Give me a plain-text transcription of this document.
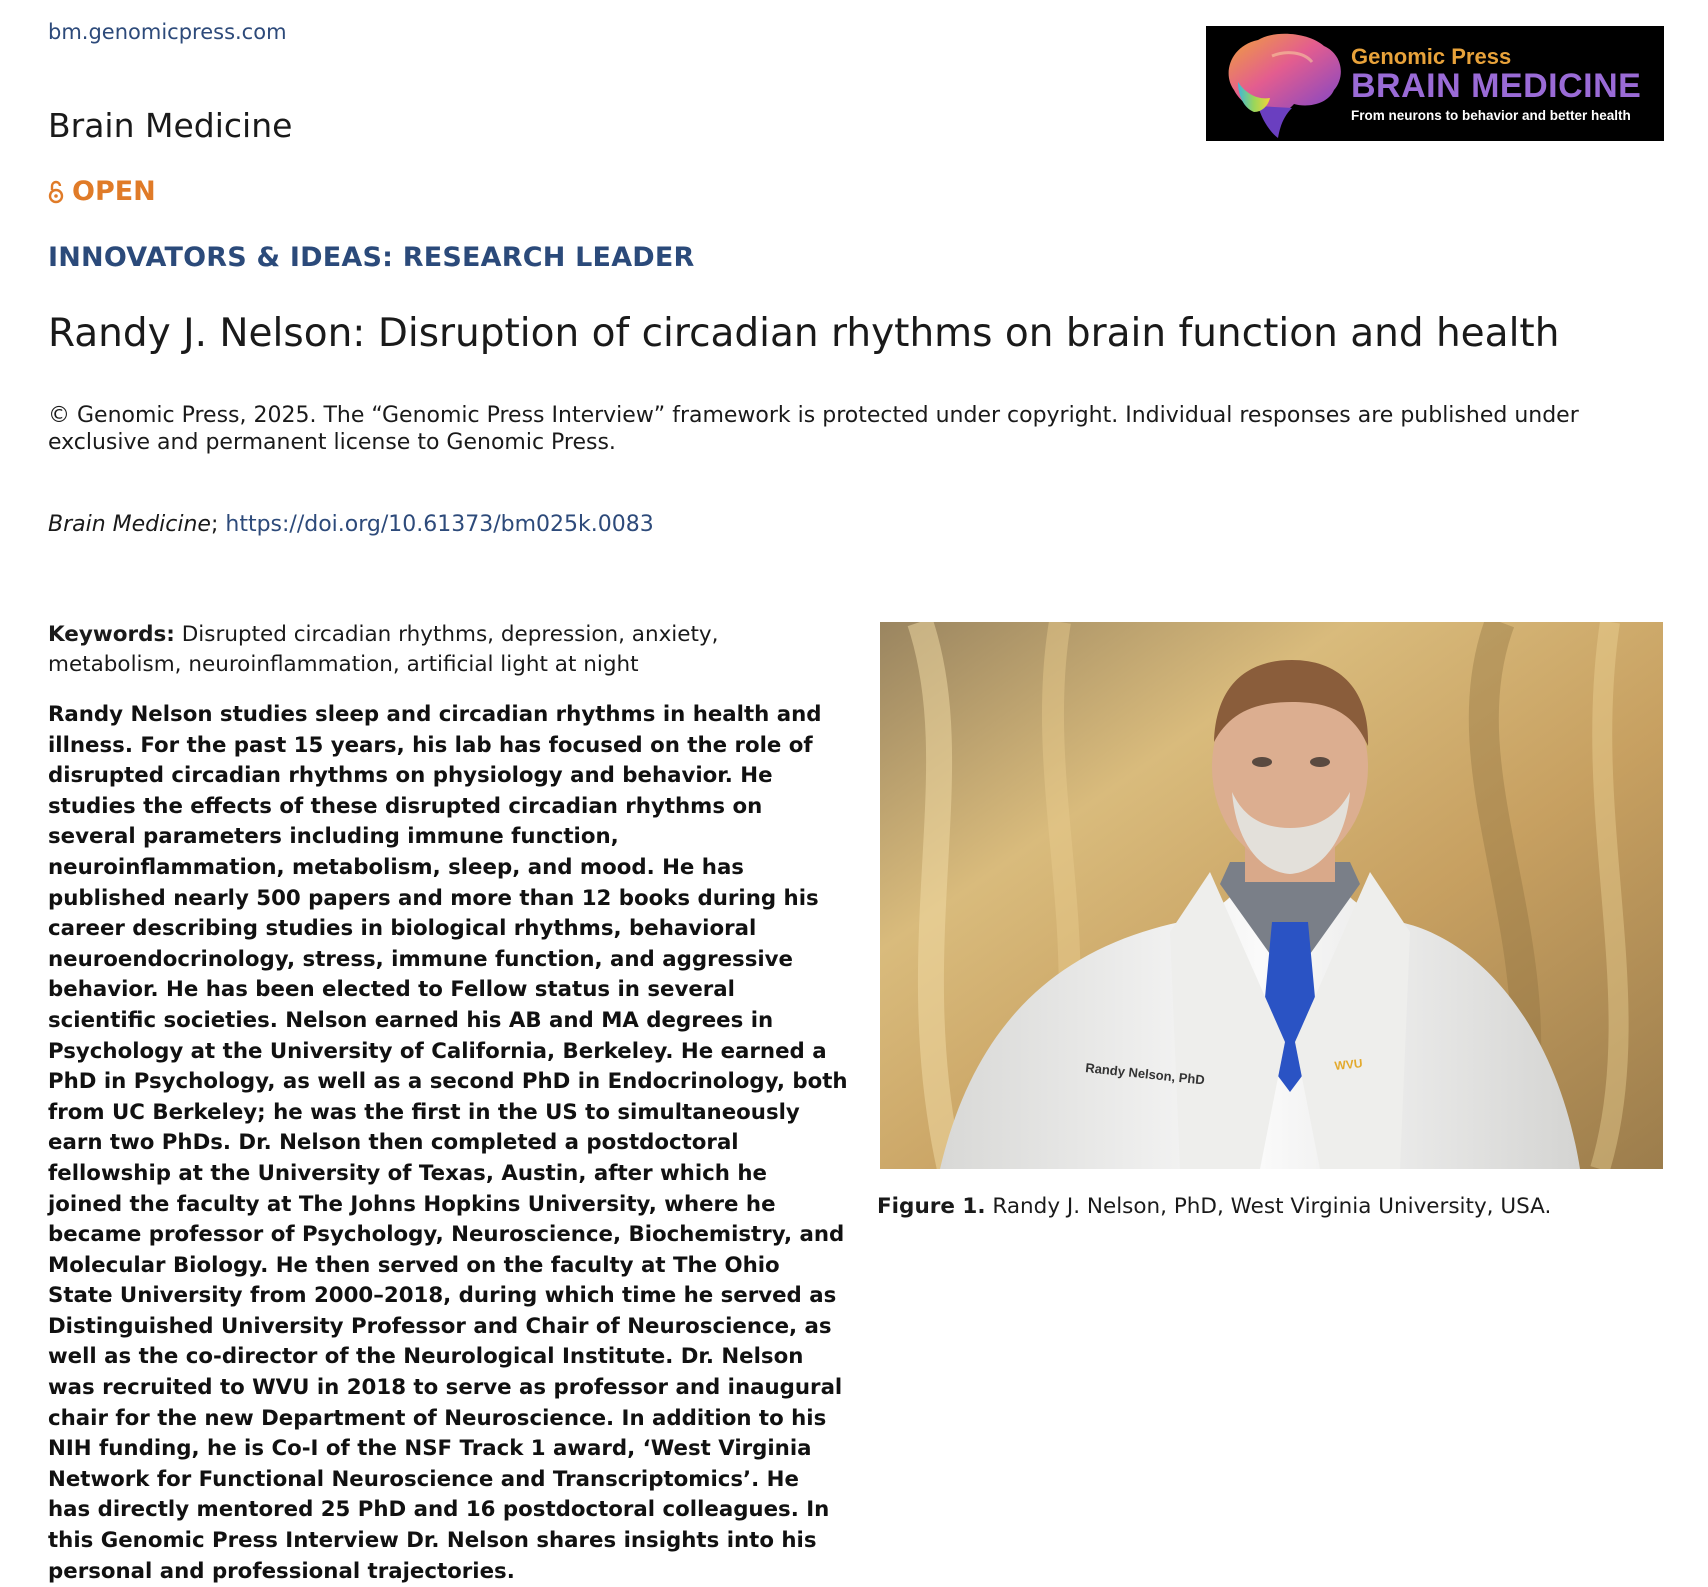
bm.genomicpress.com
Genomic Press
BRAIN MEDICINE
From neurons to behavior and better health
Brain Medicine
OPEN
INNOVATORS & IDEAS: RESEARCH LEADER
Randy J. Nelson: Disruption of circadian rhythms on brain function and health
© Genomic Press, 2025. The “Genomic Press Interview” framework is protected under copyright. Individual responses are published under exclusive and permanent license to Genomic Press.
Brain Medicine; https://doi.org/10.61373/bm025k.0083
Keywords: Disrupted circadian rhythms, depression, anxiety, metabolism, neuroinflammation, artificial light at night

Randy Nelson studies sleep and circadian rhythms in health and illness. For the past 15 years, his lab has focused on the role of disrupted circadian rhythms on physiology and behavior. He studies the effects of these disrupted circadian rhythms on several parameters including immune function, neuroinflammation, metabolism, sleep, and mood. He has published nearly 500 papers and more than 12 books during his career describing studies in biological rhythms, behavioral neuroendocrinology, stress, immune function, and aggressive behavior. He has been elected to Fellow status in several scientific societies. Nelson earned his AB and MA degrees in Psychology at the University of California, Berkeley. He earned a PhD in Psychology, as well as a second PhD in Endocrinology, both from UC Berkeley; he was the first in the US to simultaneously earn two PhDs. Dr. Nelson then completed a postdoctoral fellowship at the University of Texas, Austin, after which he joined the faculty at The Johns Hopkins University, where he became professor of Psychology, Neuroscience, Biochemistry, and Molecular Biology. He then served on the faculty at The Ohio State University from 2000–2018, during which time he served as Distinguished University Professor and Chair of Neuroscience, as well as the co-director of the Neurological Institute. Dr. Nelson was recruited to WVU in 2018 to serve as professor and inaugural chair for the new Department of Neuroscience. In addition to his NIH funding, he is Co-I of the NSF Track 1 award, ‘West Virginia Network for Functional Neuroscience and Transcriptomics’. He has directly mentored 25 PhD and 16 postdoctoral colleagues. In this Genomic Press Interview Dr. Nelson shares insights into his personal and professional trajectories.

Randy Nelson, PhD	WVU
Figure 1. Randy J. Nelson, PhD, West Virginia University, USA.
